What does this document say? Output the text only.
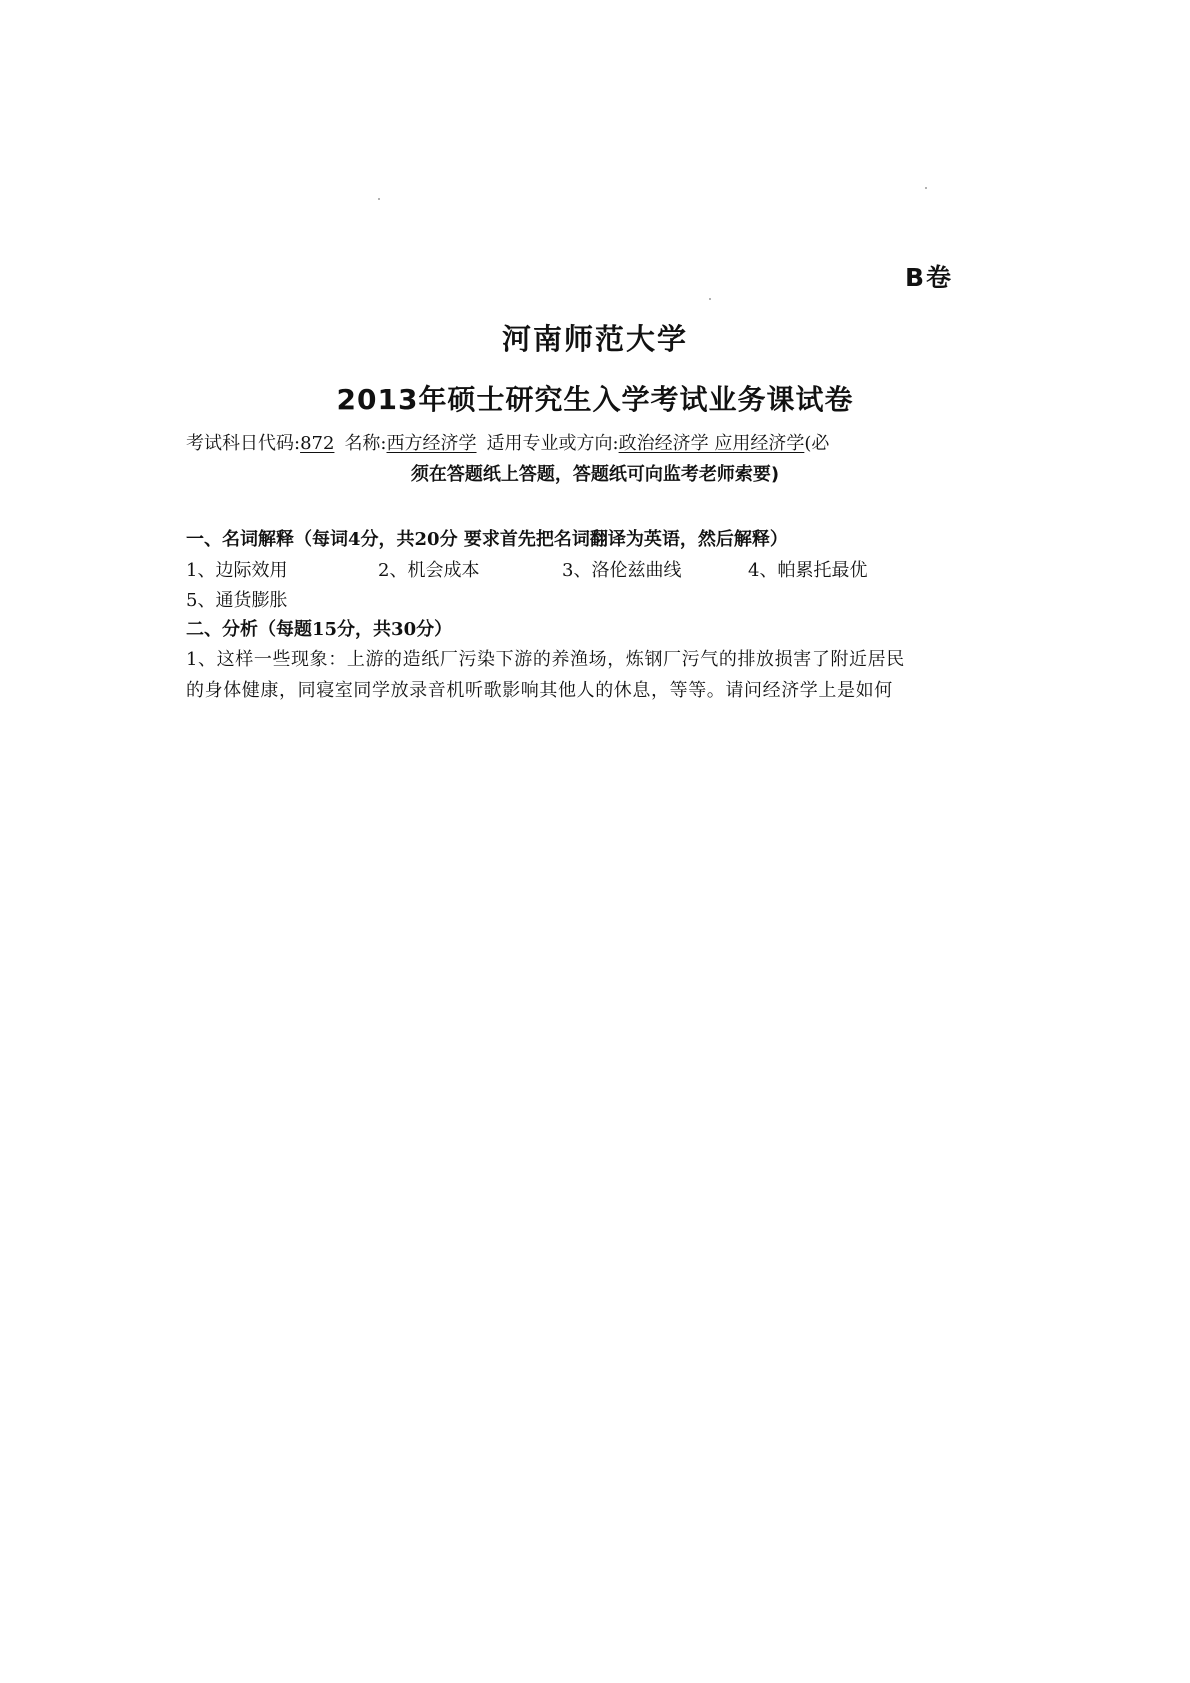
B卷
河南师范大学
2013年硕士研究生入学考试业务课试卷
考试科日代码:872 名称:西方经济学 适用专业或方向:政治经济学 应用经济学(必
须在答题纸上答题，答题纸可向监考老师索要)
一、名词解释（每词4分，共20分 要求首先把名词翻译为英语，然后解释）
1、边际效用	2、机会成本	3、洛伦兹曲线	4、帕累托最优
5、通货膨胀
二、分析（每题15分，共30分）
1、这样一些现象：上游的造纸厂污染下游的养渔场，炼钢厂污气的排放损害了附近居民
的身体健康，同寝室同学放录音机听歌影响其他人的休息，等等。请问经济学上是如何
